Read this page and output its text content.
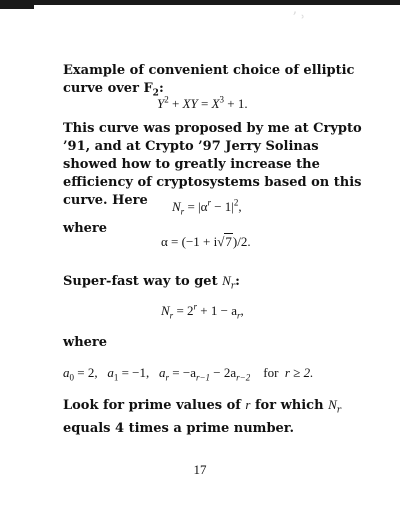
ʼ ˒

Example of convenient choice of elliptic curve over $F_2$:

$Y^2$ + XY = $X^3 + 1$.

This curve was proposed by me at Crypto ’91, and at Crypto ’97 Jerry Solinas showed how to greatly increase the efficiency of cryptosystems based on this curve. Here	$N_r = |\alpha^r - 1|^2$,
where
α = (−1 + i√7)/2.
Super-fast way to get $N_r$:
$N_r = 2^r + 1 - a_r$,
where
$a_0 = 2$, $a_1 = -1$, $a_r = -a_{r-1} - 2a_{r-2}$ for r ≥ 2.

Look for prime values of r for which $N_r$ equals 4 times a prime number.

17
